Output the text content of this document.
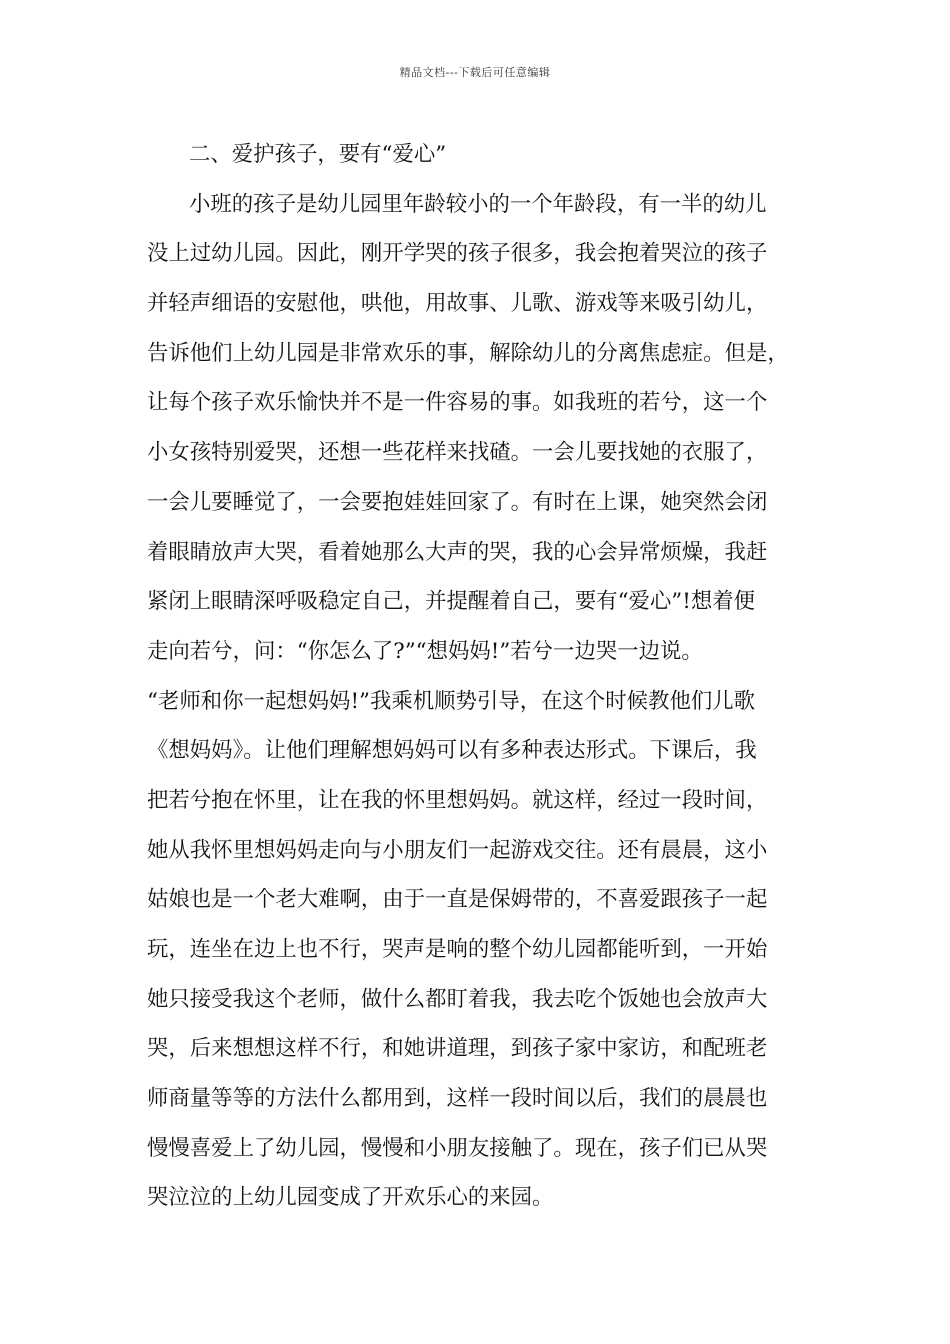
精品文档---下载后可任意编辑
二、爱护孩子，要有“爱心”
小班的孩子是幼儿园里年龄较小的一个年龄段，有一半的幼儿
没上过幼儿园。因此，刚开学哭的孩子很多，我会抱着哭泣的孩子
并轻声细语的安慰他，哄他，用故事、儿歌、游戏等来吸引幼儿，
告诉他们上幼儿园是非常欢乐的事，解除幼儿的分离焦虑症。但是，
让每个孩子欢乐愉快并不是一件容易的事。如我班的若兮，这一个
小女孩特别爱哭，还想一些花样来找碴。一会儿要找她的衣服了，
一会儿要睡觉了，一会要抱娃娃回家了。有时在上课，她突然会闭
着眼睛放声大哭，看着她那么大声的哭，我的心会异常烦燥，我赶
紧闭上眼睛深呼吸稳定自己，并提醒着自己，要有“爱心”!想着便
走向若兮，问：“你怎么了?”“想妈妈!”若兮一边哭一边说。
“老师和你一起想妈妈!”我乘机顺势引导，在这个时候教他们儿歌
《想妈妈》。让他们理解想妈妈可以有多种表达形式。下课后，我
把若兮抱在怀里，让在我的怀里想妈妈。就这样，经过一段时间，
她从我怀里想妈妈走向与小朋友们一起游戏交往。还有晨晨，这小
姑娘也是一个老大难啊，由于一直是保姆带的，不喜爱跟孩子一起
玩，连坐在边上也不行，哭声是响的整个幼儿园都能听到，一开始
她只接受我这个老师，做什么都盯着我，我去吃个饭她也会放声大
哭，后来想想这样不行，和她讲道理，到孩子家中家访，和配班老
师商量等等的方法什么都用到，这样一段时间以后，我们的晨晨也
慢慢喜爱上了幼儿园，慢慢和小朋友接触了。现在，孩子们已从哭
哭泣泣的上幼儿园变成了开欢乐心的来园。
